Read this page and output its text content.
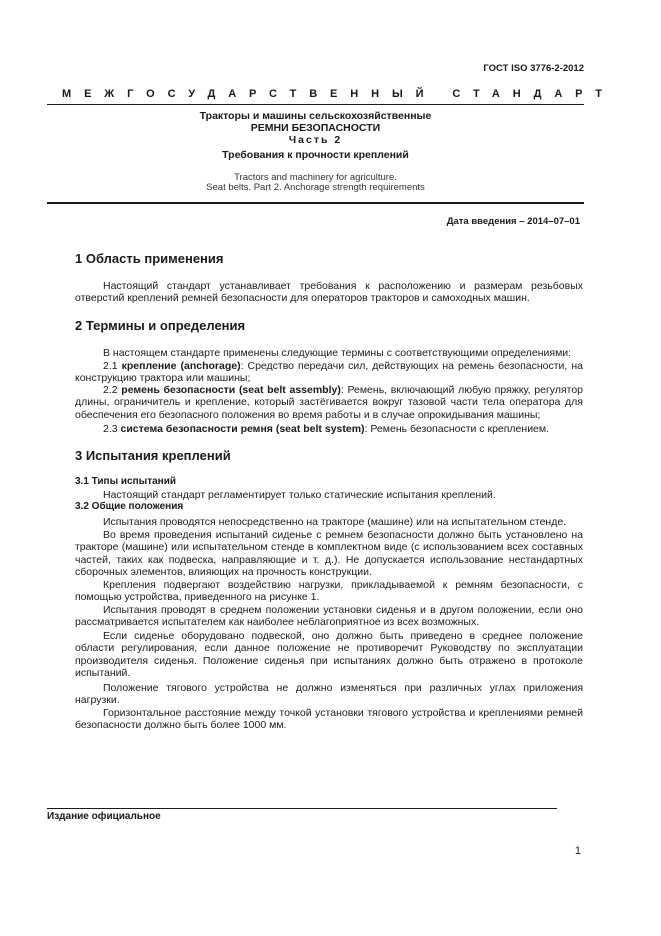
ГОСТ ISO 3776-2-2012
МЕЖГОСУДАРСТВЕННЫЙ СТАНДАРТ
Тракторы и машины сельскохозяйственные
РЕМНИ БЕЗОПАСНОСТИ
Часть 2
Требования к прочности креплений
Tractors and machinery for agriculture.
Seat belts. Part 2. Anchorage strength requirements
Дата введения – 2014–07–01
1 Область применения
Настоящий стандарт устанавливает требования к расположению и размерам резьбовых отверстий креплений ремней безопасности для операторов тракторов и самоходных машин.
2 Термины и определения
В настоящем стандарте применены следующие термины с соответствующими определениями:
2.1 крепление (anchorage): Средство передачи сил, действующих на ремень безопасности, на конструкцию трактора или машины;
2.2 ремень безопасности (seat belt assembly): Ремень, включающий любую пряжку, регулятор длины, ограничитель и крепление, который застёгивается вокруг тазовой части тела оператора для обеспечения его безопасного положения во время работы и в случае опрокидывания машины;
2.3 система безопасности ремня (seat belt system): Ремень безопасности с креплением.
3 Испытания креплений
3.1 Типы испытаний
Настоящий стандарт регламентирует только статические испытания креплений.
3.2 Общие положения
Испытания проводятся непосредственно на тракторе (машине) или на испытательном стенде.
Во время проведения испытаний сиденье с ремнем безопасности должно быть установлено на тракторе (машине) или испытательном стенде в комплектном виде (с использованием всех составных частей, таких как подвеска, направляющие и т. д.). Не допускается использование нестандартных сборочных элементов, влияющих на прочность конструкции.
Крепления подвергают воздействию нагрузки, прикладываемой к ремням безопасности, с помощью устройства, приведенного на рисунке 1.
Испытания проводят в среднем положении установки сиденья и в другом положении, если оно рассматривается испытателем как наиболее неблагоприятное из всех возможных.
Если сиденье оборудовано подвеской, оно должно быть приведено в среднее положение области регулирования, если данное положение не противоречит Руководству по эксплуатации производителя сиденья. Положение сиденья при испытаниях должно быть отражено в протоколе испытаний.
Положение тягового устройства не должно изменяться при различных углах приложения нагрузки.
Горизонтальное расстояние между точкой установки тягового устройства и креплениями ремней безопасности должно быть более 1000 мм.
Издание официальное
1
